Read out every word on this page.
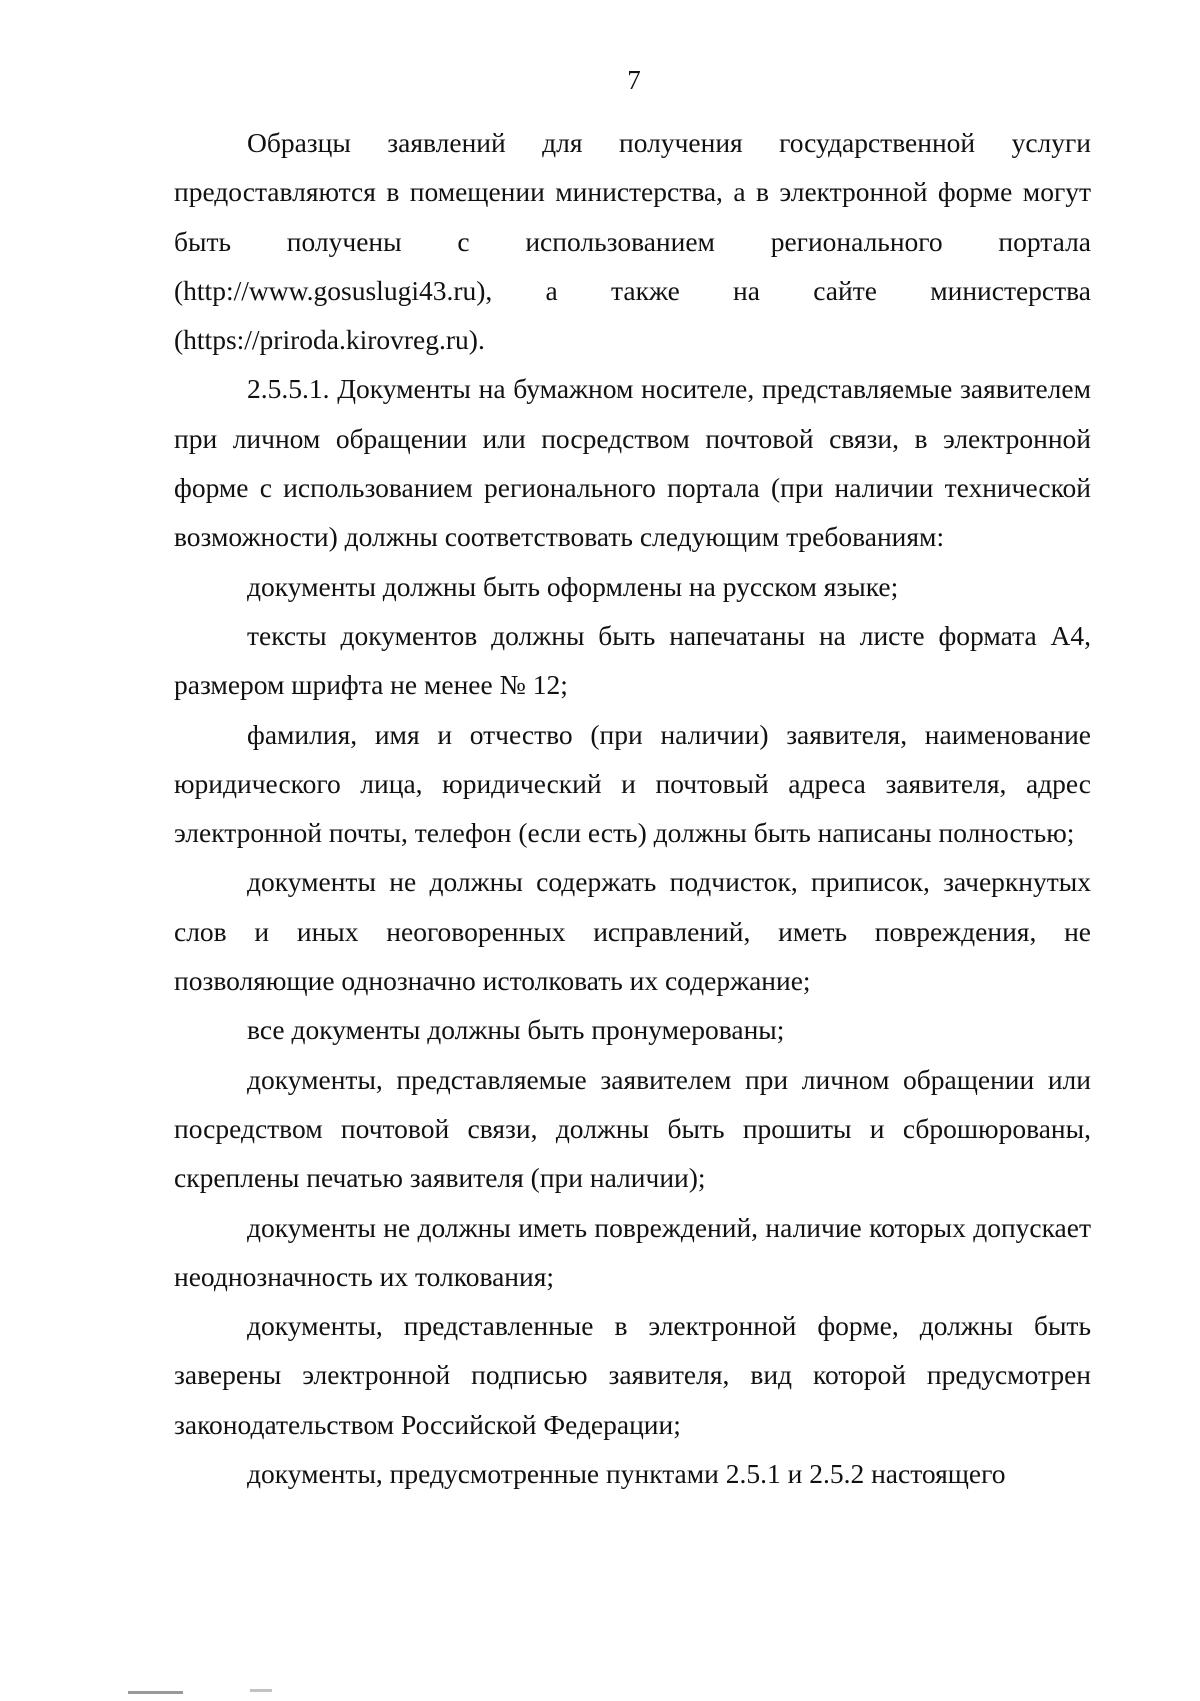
7

Образцы заявлений для получения государственной услуги предоставляются в помещении министерства, а в электронной форме могут быть получены с использованием регионального портала (http://www.gosuslugi43.ru), а также на сайте министерства (https://priroda.kirovreg.ru).

2.5.5.1. Документы на бумажном носителе, представляемые заявителем при личном обращении или посредством почтовой связи, в электронной форме с использованием регионального портала (при наличии технической возможности) должны соответствовать следующим требованиям:

документы должны быть оформлены на русском языке;

тексты документов должны быть напечатаны на листе формата А4, размером шрифта не менее № 12;

фамилия, имя и отчество (при наличии) заявителя, наименование юридического лица, юридический и почтовый адреса заявителя, адрес электронной почты, телефон (если есть) должны быть написаны полностью;

документы не должны содержать подчисток, приписок, зачеркнутых слов и иных неоговоренных исправлений, иметь повреждения, не позволяющие однозначно истолковать их содержание;

все документы должны быть пронумерованы;

документы, представляемые заявителем при личном обращении или посредством почтовой связи, должны быть прошиты и сброшюрованы, скреплены печатью заявителя (при наличии);

документы не должны иметь повреждений, наличие которых допускает неоднозначность их толкования;

документы, представленные в электронной форме, должны быть заверены электронной подписью заявителя, вид которой предусмотрен законодательством Российской Федерации;

документы, предусмотренные пунктами 2.5.1 и 2.5.2 настоящего
